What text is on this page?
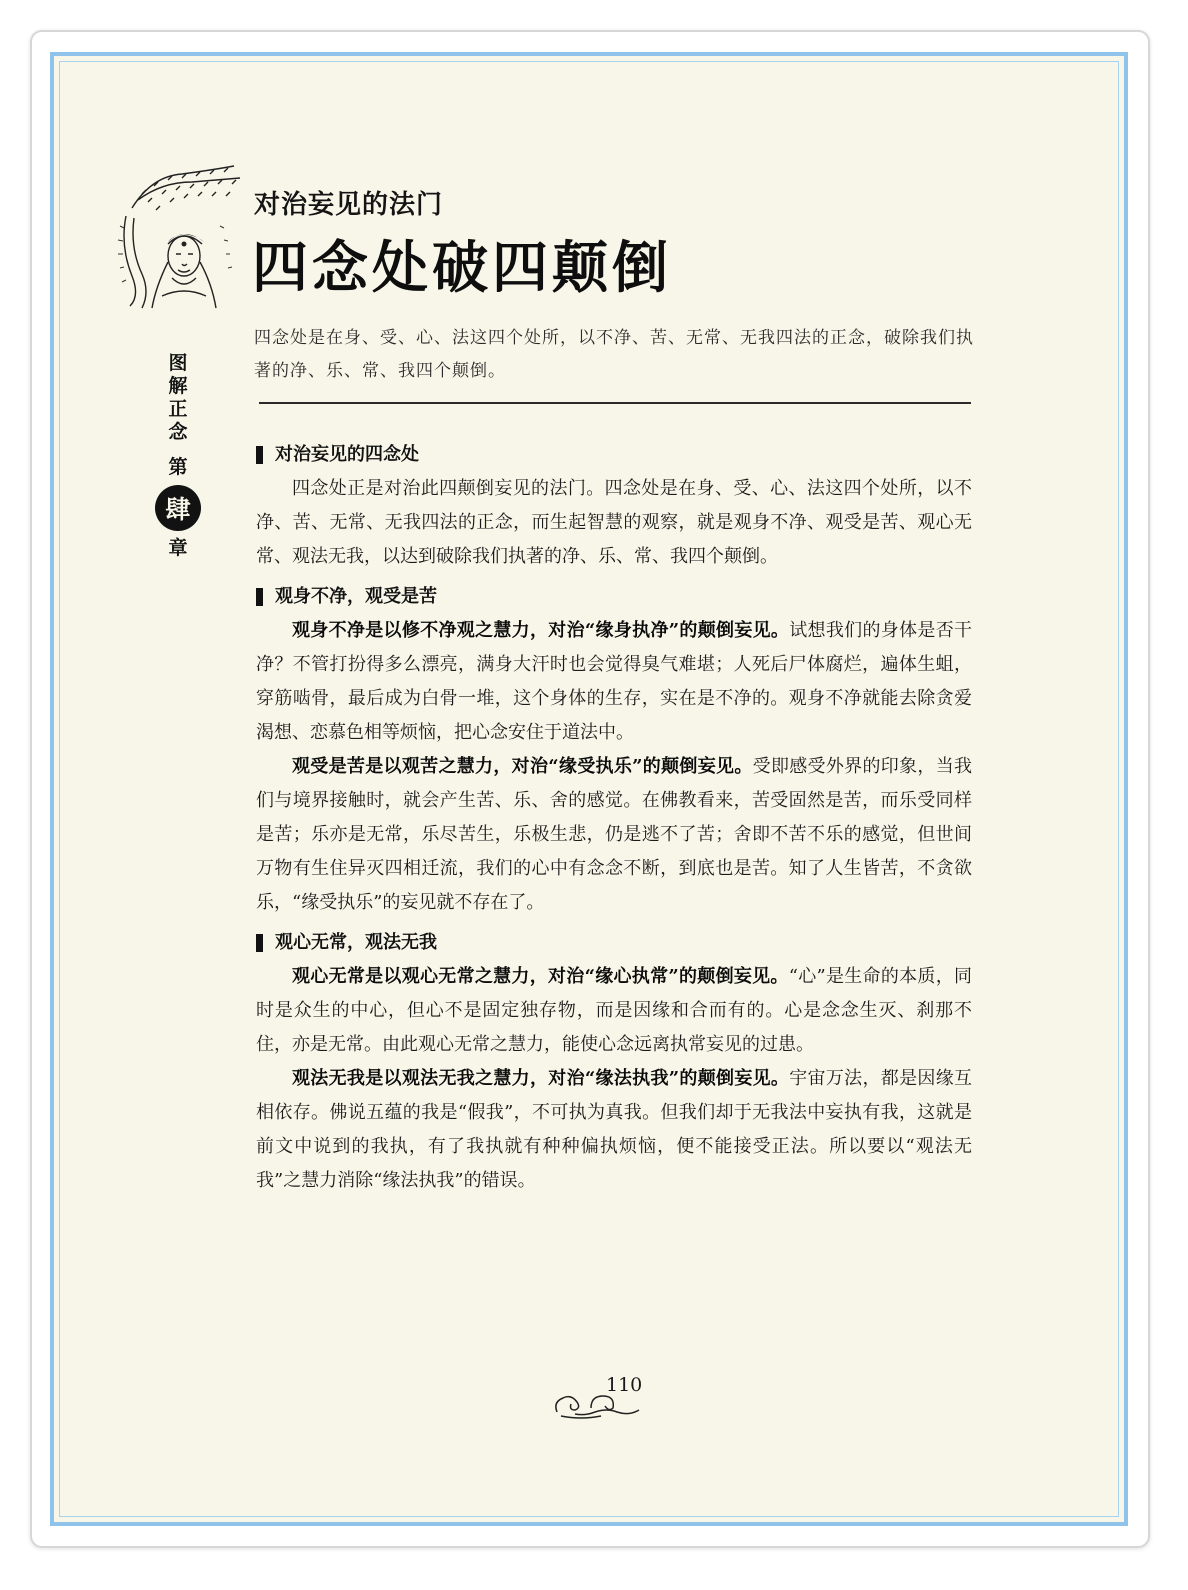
对治妄见的法门
四念处破四颠倒
图
解
正
念
第
肆
章
四念处是在身、受、心、法这四个处所，以不净、苦、无常、无我四法的正念，破除我们执著的净、乐、常、我四个颠倒。
对治妄见的四念处

四念处正是对治此四颠倒妄见的法门。四念处是在身、受、心、法这四个处所，以不净、苦、无常、无我四法的正念，而生起智慧的观察，就是观身不净、观受是苦、观心无常、观法无我，以达到破除我们执著的净、乐、常、我四个颠倒。

观身不净，观受是苦

观身不净是以修不净观之慧力，对治“缘身执净”的颠倒妄见。试想我们的身体是否干净？不管打扮得多么漂亮，满身大汗时也会觉得臭气难堪；人死后尸体腐烂，遍体生蛆，穿筋啮骨，最后成为白骨一堆，这个身体的生存，实在是不净的。观身不净就能去除贪爱渴想、恋慕色相等烦恼，把心念安住于道法中。

观受是苦是以观苦之慧力，对治“缘受执乐”的颠倒妄见。受即感受外界的印象，当我们与境界接触时，就会产生苦、乐、舍的感觉。在佛教看来，苦受固然是苦，而乐受同样是苦；乐亦是无常，乐尽苦生，乐极生悲，仍是逃不了苦；舍即不苦不乐的感觉，但世间万物有生住异灭四相迁流，我们的心中有念念不断，到底也是苦。知了人生皆苦，不贪欲乐，“缘受执乐”的妄见就不存在了。

观心无常，观法无我

观心无常是以观心无常之慧力，对治“缘心执常”的颠倒妄见。“心”是生命的本质，同时是众生的中心，但心不是固定独存物，而是因缘和合而有的。心是念念生灭、刹那不住，亦是无常。由此观心无常之慧力，能使心念远离执常妄见的过患。

观法无我是以观法无我之慧力，对治“缘法执我”的颠倒妄见。宇宙万法，都是因缘互相依存。佛说五蕴的我是“假我”，不可执为真我。但我们却于无我法中妄执有我，这就是前文中说到的我执，有了我执就有种种偏执烦恼，便不能接受正法。所以要以“观法无我”之慧力消除“缘法执我”的错误。

110
